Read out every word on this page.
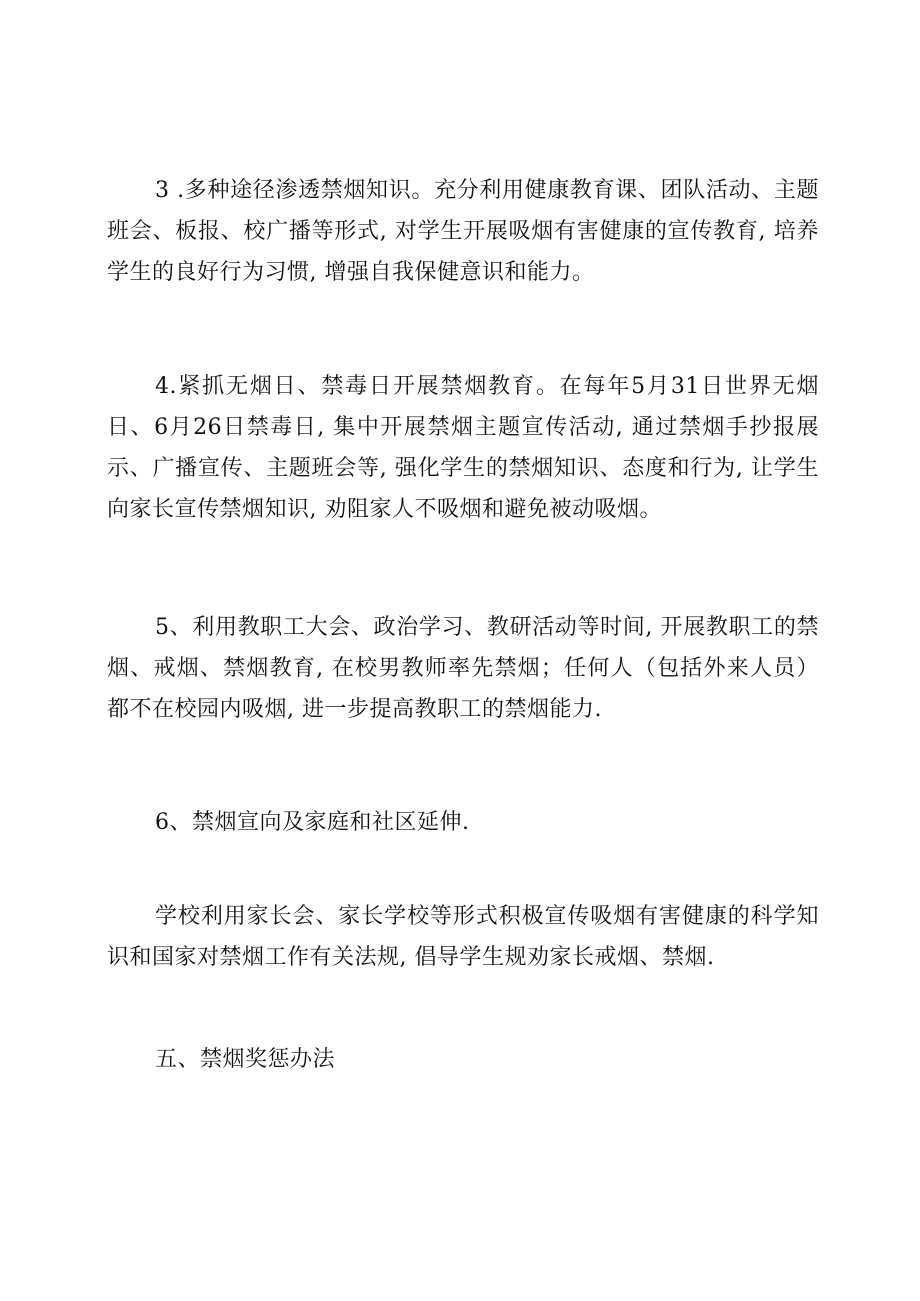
3 .多种途径渗透禁烟知识。充分利用健康教育课、团队活动、主题班会、板报、校广播等形式, 对学生开展吸烟有害健康的宣传教育, 培养学生的良好行为习惯, 增强自我保健意识和能力。

4.紧抓无烟日、禁毒日开展禁烟教育。在每年5月31日世界无烟日、6月26日禁毒日, 集中开展禁烟主题宣传活动, 通过禁烟手抄报展示、广播宣传、主题班会等, 强化学生的禁烟知识、态度和行为, 让学生向家长宣传禁烟知识, 劝阻家人不吸烟和避免被动吸烟。

5、利用教职工大会、政治学习、教研活动等时间, 开展教职工的禁烟、戒烟、禁烟教育, 在校男教师率先禁烟；任何人（包括外来人员）都不在校园内吸烟, 进一步提高教职工的禁烟能力.

6、禁烟宣向及家庭和社区延伸.

学校利用家长会、家长学校等形式积极宣传吸烟有害健康的科学知识和国家对禁烟工作有关法规, 倡导学生规劝家长戒烟、禁烟.

五、禁烟奖惩办法
